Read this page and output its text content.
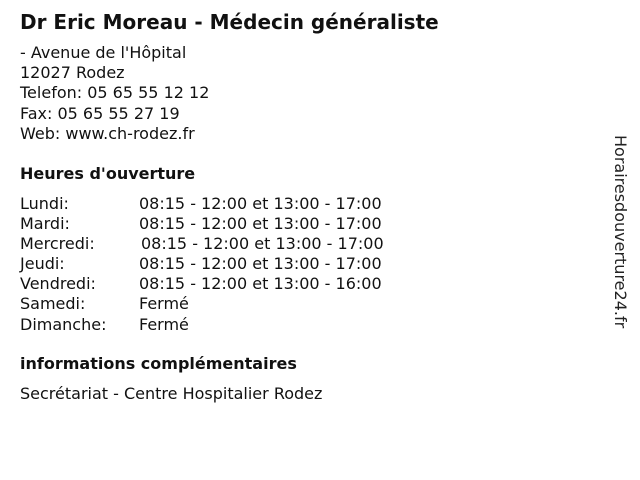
Dr Eric Moreau - Médecin généraliste
- Avenue de l'Hôpital
12027 Rodez
Telefon: 05 65 55 12 12
Fax: 05 65 55 27 19
Web: www.ch-rodez.fr
Heures d'ouverture
Lundi:	08:15 - 12:00 et 13:00 - 17:00
Mardi:	08:15 - 12:00 et 13:00 - 17:00
Mercredi:	08:15 - 12:00 et 13:00 - 17:00
Jeudi:	08:15 - 12:00 et 13:00 - 17:00
Vendredi:	08:15 - 12:00 et 13:00 - 16:00
Samedi:	Fermé
Dimanche: Fermé
informations complémentaires
Secrétariat - Centre Hospitalier Rodez
Horairesdouverture24.fr
